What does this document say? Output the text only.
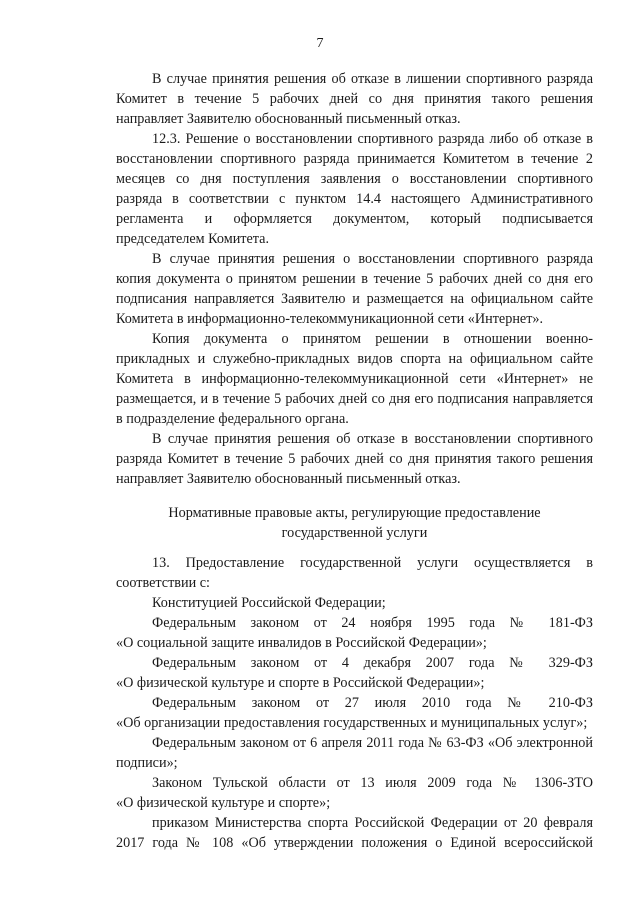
7
В случае принятия решения об отказе в лишении спортивного разряда
Комитет в течение 5 рабочих дней со дня принятия такого решения
направляет Заявителю обоснованный письменный отказ.
12.3. Решение о восстановлении спортивного разряда либо об отказе в
восстановлении спортивного разряда принимается Комитетом в течение 2
месяцев со дня поступления заявления о восстановлении спортивного
разряда в соответствии с пунктом 14.4 настоящего Административного
регламента и оформляется документом, который подписывается
председателем Комитета.
В случае принятия решения о восстановлении спортивного разряда
копия документа о принятом решении в течение 5 рабочих дней со дня его
подписания направляется Заявителю и размещается на официальном сайте
Комитета в информационно-телекоммуникационной сети «Интернет».
Копия документа о принятом решении в отношении военно-
прикладных и служебно-прикладных видов спорта на официальном сайте
Комитета в информационно-телекоммуникационной сети «Интернет» не
размещается, и в течение 5 рабочих дней со дня его подписания направляется
в подразделение федерального органа.
В случае принятия решения об отказе в восстановлении спортивного
разряда Комитет в течение 5 рабочих дней со дня принятия такого решения
направляет Заявителю обоснованный письменный отказ.
Нормативные правовые акты, регулирующие предоставление
государственной услуги
13. Предоставление государственной услуги осуществляется в
соответствии с:
Конституцией Российской Федерации;
Федеральным законом от 24 ноября 1995 года № 181-ФЗ
«О социальной защите инвалидов в Российской Федерации»;
Федеральным законом от 4 декабря 2007 года № 329-ФЗ
«О физической культуре и спорте в Российской Федерации»;
Федеральным законом от 27 июля 2010 года № 210-ФЗ
«Об организации предоставления государственных и муниципальных услуг»;
Федеральным законом от 6 апреля 2011 года № 63-ФЗ «Об электронной
подписи»;
Законом Тульской области от 13 июля 2009 года № 1306-ЗТО
«О физической культуре и спорте»;
приказом Министерства спорта Российской Федерации от 20 февраля
2017 года № 108 «Об утверждении положения о Единой всероссийской
